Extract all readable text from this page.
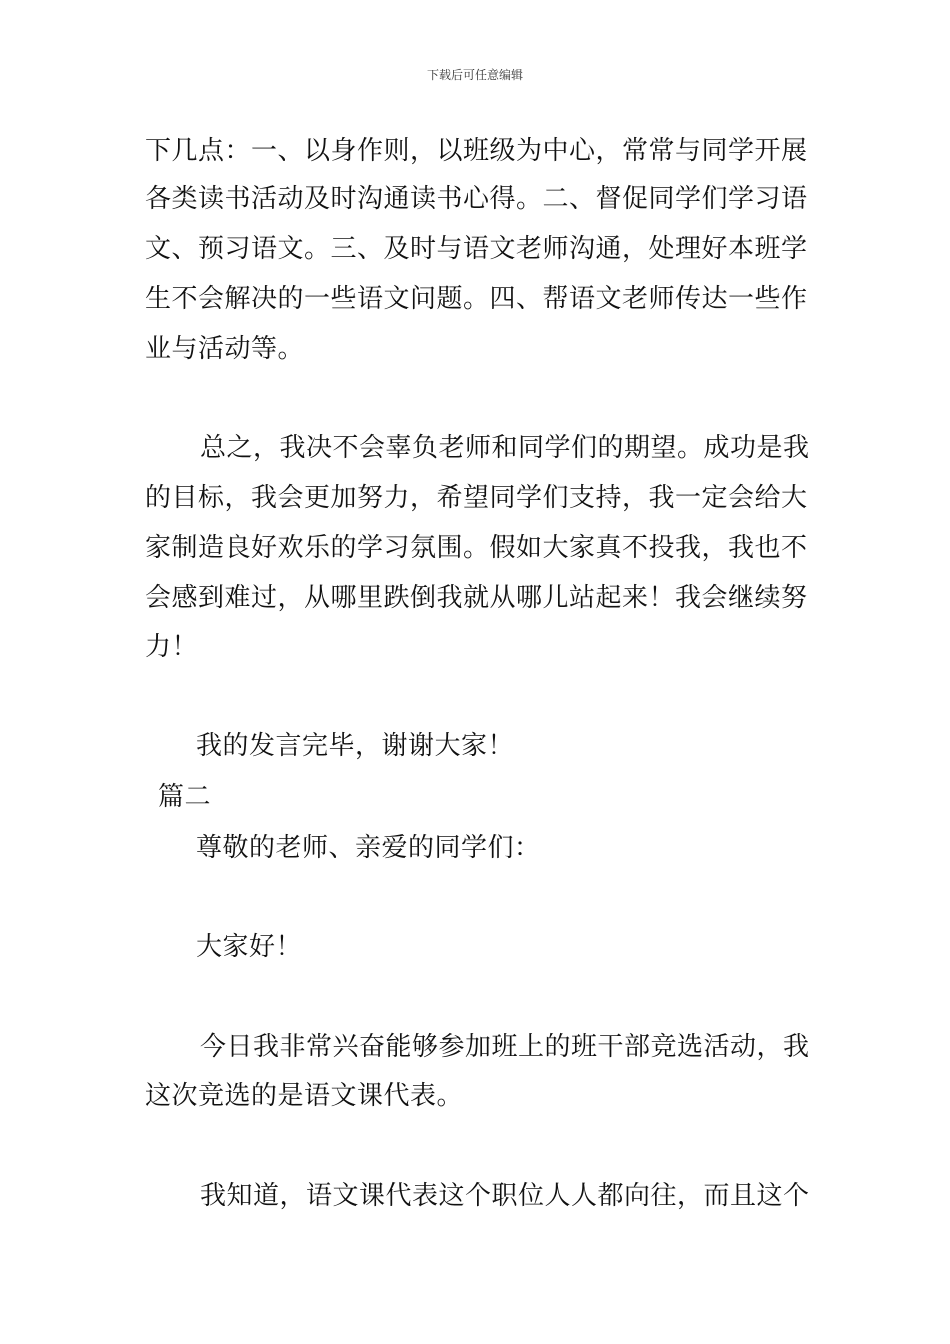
下载后可任意编辑
下几点：一、以身作则，以班级为中心，常常与同学开展
各类读书活动及时沟通读书心得。二、督促同学们学习语
文、预习语文。三、及时与语文老师沟通，处理好本班学
生不会解决的一些语文问题。四、帮语文老师传达一些作
业与活动等。
总之，我决不会辜负老师和同学们的期望。成功是我
的目标，我会更加努力，希望同学们支持，我一定会给大
家制造良好欢乐的学习氛围。假如大家真不投我，我也不
会感到难过，从哪里跌倒我就从哪儿站起来！我会继续努
力！
我的发言完毕，谢谢大家！
篇二
尊敬的老师、亲爱的同学们：
大家好！
今日我非常兴奋能够参加班上的班干部竞选活动，我
这次竞选的是语文课代表。
我知道，语文课代表这个职位人人都向往，而且这个
